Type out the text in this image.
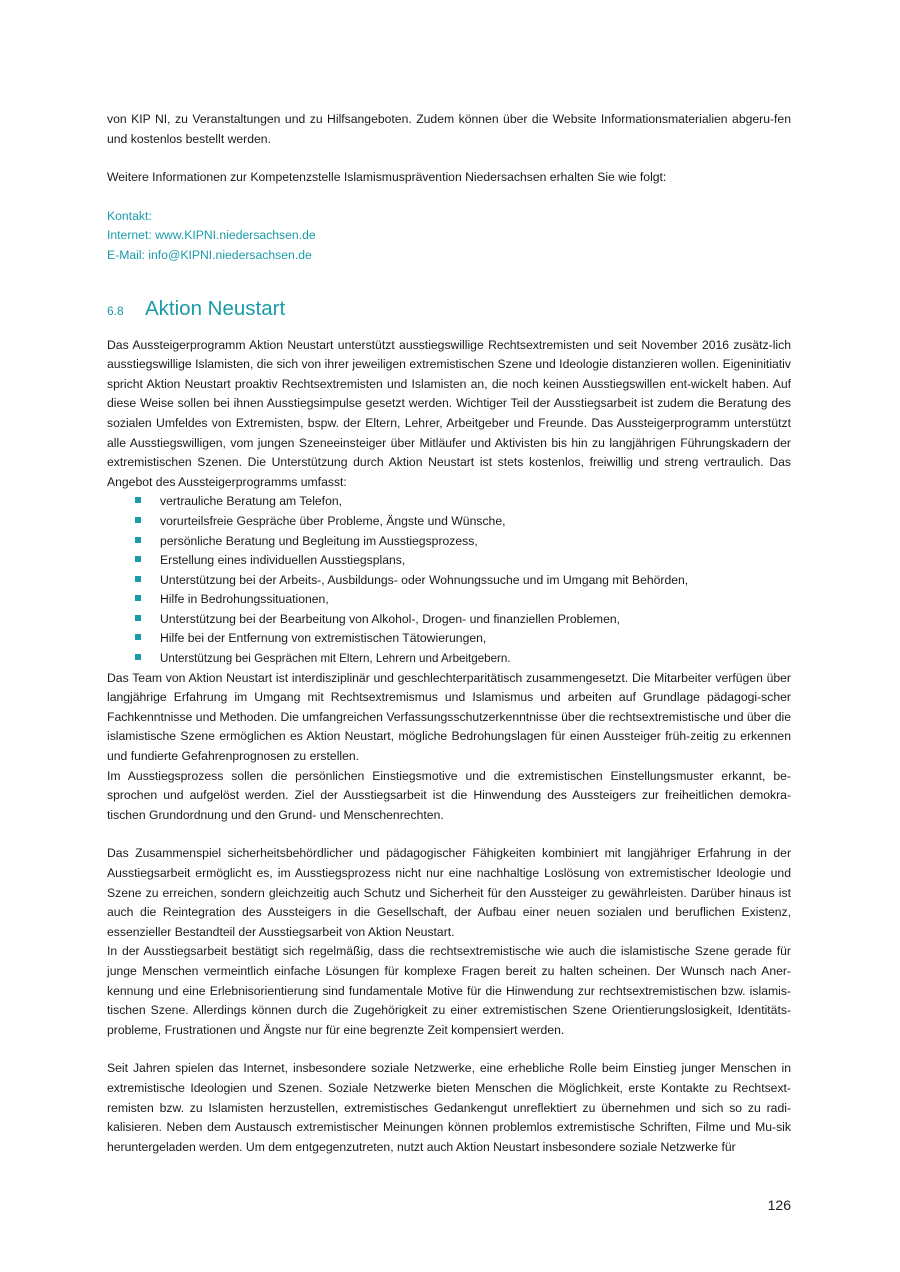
von KIP NI, zu Veranstaltungen und zu Hilfsangeboten. Zudem können über die Website Informationsmaterialien abgeru-fen und kostenlos bestellt werden.

Weitere Informationen zur Kompetenzstelle Islamismusprävention Niedersachsen erhalten Sie wie folgt:

Kontakt:

Internet: www.KIPNI.niedersachsen.de

E-Mail: info@KIPNI.niedersachsen.de

6.8	Aktion Neustart

Das Aussteigerprogramm Aktion Neustart unterstützt ausstiegswillige Rechtsextremisten und seit November 2016 zusätz-lich ausstiegswillige Islamisten, die sich von ihrer jeweiligen extremistischen Szene und Ideologie distanzieren wollen. Eigeninitiativ spricht Aktion Neustart proaktiv Rechtsextremisten und Islamisten an, die noch keinen Ausstiegswillen ent-wickelt haben. Auf diese Weise sollen bei ihnen Ausstiegsimpulse gesetzt werden. Wichtiger Teil der Ausstiegsarbeit ist zudem die Beratung des sozialen Umfeldes von Extremisten, bspw. der Eltern, Lehrer, Arbeitgeber und Freunde. Das Aussteigerprogramm unterstützt alle Ausstiegswilligen, vom jungen Szeneeinsteiger über Mitläufer und Aktivisten bis hin zu langjährigen Führungskadern der extremistischen Szenen. Die Unterstützung durch Aktion Neustart ist stets kostenlos, freiwillig und streng vertraulich. Das Angebot des Aussteigerprogramms umfasst:

vertrauliche Beratung am Telefon,
vorurteilsfreie Gespräche über Probleme, Ängste und Wünsche,
persönliche Beratung und Begleitung im Ausstiegsprozess,
Erstellung eines individuellen Ausstiegsplans,
Unterstützung bei der Arbeits-, Ausbildungs- oder Wohnungssuche und im Umgang mit Behörden,
Hilfe in Bedrohungssituationen,
Unterstützung bei der Bearbeitung von Alkohol-, Drogen- und finanziellen Problemen,
Hilfe bei der Entfernung von extremistischen Tätowierungen,
Unterstützung bei Gesprächen mit Eltern, Lehrern und Arbeitgebern.

Das Team von Aktion Neustart ist interdisziplinär und geschlechterparitätisch zusammengesetzt. Die Mitarbeiter verfügen über langjährige Erfahrung im Umgang mit Rechtsextremismus und Islamismus und arbeiten auf Grundlage pädagogi-scher Fachkenntnisse und Methoden. Die umfangreichen Verfassungsschutzerkenntnisse über die rechtsextremistische und über die islamistische Szene ermöglichen es Aktion Neustart, mögliche Bedrohungslagen für einen Aussteiger früh-zeitig zu erkennen und fundierte Gefahrenprognosen zu erstellen.

Im Ausstiegsprozess sollen die persönlichen Einstiegsmotive und die extremistischen Einstellungsmuster erkannt, be-sprochen und aufgelöst werden. Ziel der Ausstiegsarbeit ist die Hinwendung des Aussteigers zur freiheitlichen demokra-tischen Grundordnung und den Grund- und Menschenrechten.

Das Zusammenspiel sicherheitsbehördlicher und pädagogischer Fähigkeiten kombiniert mit langjähriger Erfahrung in der Ausstiegsarbeit ermöglicht es, im Ausstiegsprozess nicht nur eine nachhaltige Loslösung von extremistischer Ideologie und Szene zu erreichen, sondern gleichzeitig auch Schutz und Sicherheit für den Aussteiger zu gewährleisten. Darüber hinaus ist auch die Reintegration des Aussteigers in die Gesellschaft, der Aufbau einer neuen sozialen und beruflichen Existenz, essenzieller Bestandteil der Ausstiegsarbeit von Aktion Neustart.

In der Ausstiegsarbeit bestätigt sich regelmäßig, dass die rechtsextremistische wie auch die islamistische Szene gerade für junge Menschen vermeintlich einfache Lösungen für komplexe Fragen bereit zu halten scheinen. Der Wunsch nach Aner-kennung und eine Erlebnisorientierung sind fundamentale Motive für die Hinwendung zur rechtsextremistischen bzw. islamis-tischen Szene. Allerdings können durch die Zugehörigkeit zu einer extremistischen Szene Orientierungslosigkeit, Identitäts-probleme, Frustrationen und Ängste nur für eine begrenzte Zeit kompensiert werden.

Seit Jahren spielen das Internet, insbesondere soziale Netzwerke, eine erhebliche Rolle beim Einstieg junger Menschen in extremistische Ideologien und Szenen. Soziale Netzwerke bieten Menschen die Möglichkeit, erste Kontakte zu Rechtsext-remisten bzw. zu Islamisten herzustellen, extremistisches Gedankengut unreflektiert zu übernehmen und sich so zu radi-kalisieren. Neben dem Austausch extremistischer Meinungen können problemlos extremistische Schriften, Filme und Mu-sik heruntergeladen werden. Um dem entgegenzutreten, nutzt auch Aktion Neustart insbesondere soziale Netzwerke für

126
